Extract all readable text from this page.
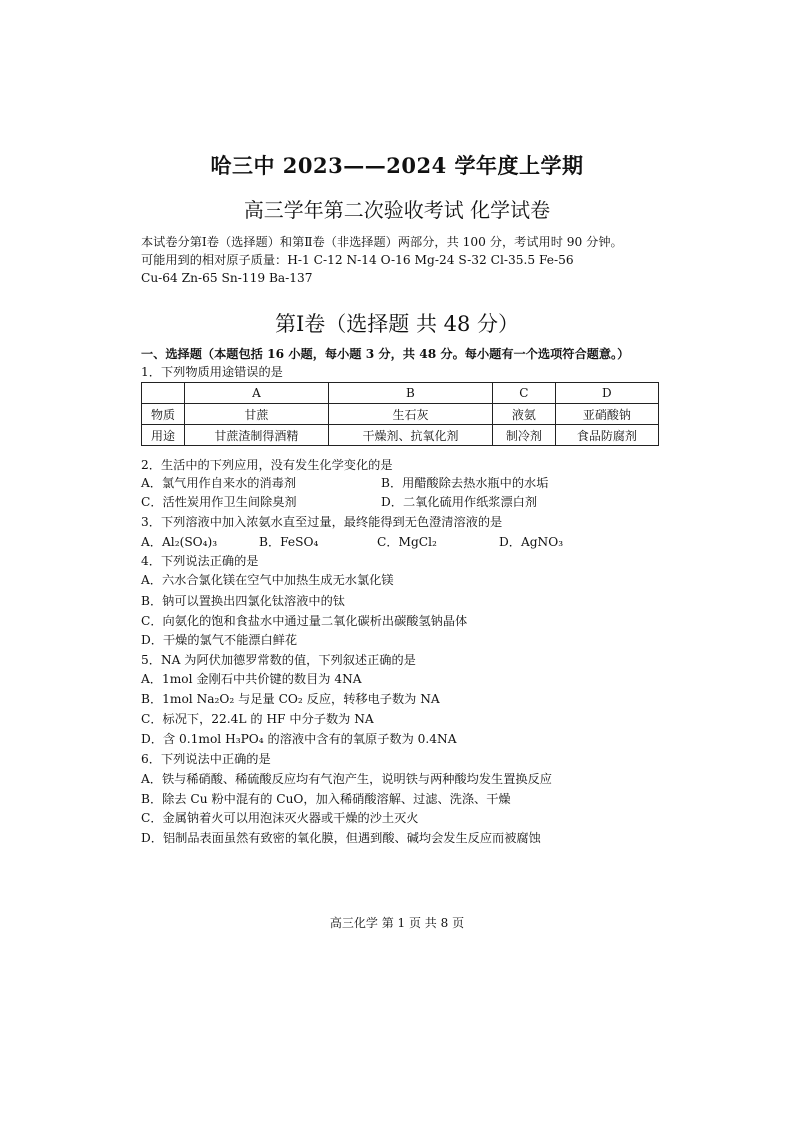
哈三中 2023——2024 学年度上学期
高三学年第二次验收考试 化学试卷
本试卷分第Ⅰ卷（选择题）和第Ⅱ卷（非选择题）两部分，共 100 分，考试用时 90 分钟。
可能用到的相对原子质量：H-1 C-12 N-14 O-16 Mg-24 S-32 Cl-35.5 Fe-56
Cu-64 Zn-65 Sn-119 Ba-137
第Ⅰ卷（选择题 共 48 分）
一、选择题（本题包括 16 小题，每小题 3 分，共 48 分。每小题有一个选项符合题意。）
1．下列物质用途错误的是
	A	B	C	D
物质	甘蔗	生石灰	液氨	亚硝酸钠
用途	甘蔗渣制得酒精	干燥剂、抗氧化剂	制冷剂	食品防腐剂
2．生活中的下列应用，没有发生化学变化的是
A．氯气用作自来水的消毒剂	B．用醋酸除去热水瓶中的水垢
C．活性炭用作卫生间除臭剂	D．二氧化硫用作纸浆漂白剂
3．下列溶液中加入浓氨水直至过量，最终能得到无色澄清溶液的是
A．Al₂(SO₄)₃	B．FeSO₄	C．MgCl₂	D．AgNO₃
4．下列说法正确的是
A．六水合氯化镁在空气中加热生成无水氯化镁
B．钠可以置换出四氯化钛溶液中的钛
C．向氨化的饱和食盐水中通过量二氧化碳析出碳酸氢钠晶体
D．干燥的氯气不能漂白鲜花
5．NA 为阿伏加德罗常数的值，下列叙述正确的是
A．1mol 金刚石中共价键的数目为 4NA
B．1mol Na₂O₂ 与足量 CO₂ 反应，转移电子数为 NA
C．标况下，22.4L 的 HF 中分子数为 NA
D．含 0.1mol H₃PO₄ 的溶液中含有的氧原子数为 0.4NA
6．下列说法中正确的是
A．铁与稀硝酸、稀硫酸反应均有气泡产生，说明铁与两种酸均发生置换反应
B．除去 Cu 粉中混有的 CuO，加入稀硝酸溶解、过滤、洗涤、干燥
C．金属钠着火可以用泡沫灭火器或干燥的沙土灭火
D．铝制品表面虽然有致密的氧化膜，但遇到酸、碱均会发生反应而被腐蚀
高三化学 第 1 页 共 8 页
